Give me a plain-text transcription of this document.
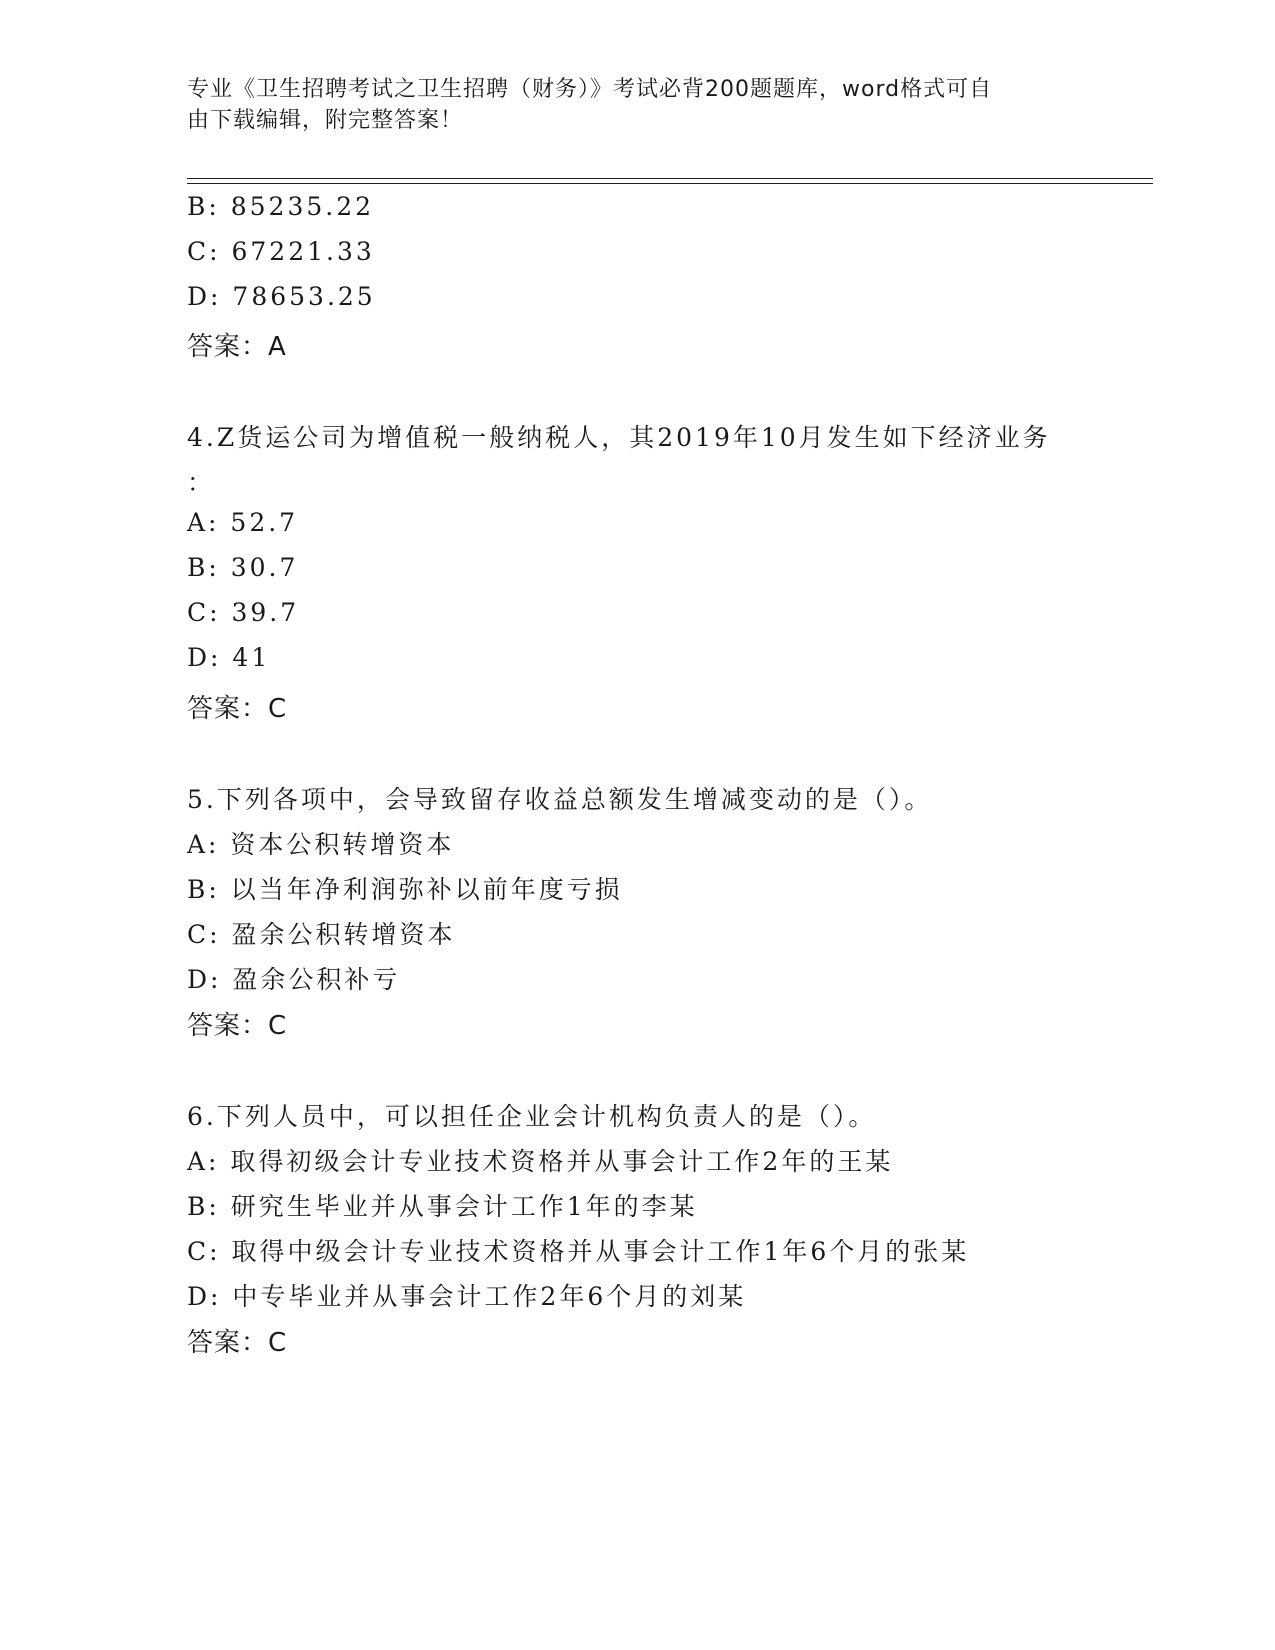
专业《卫生招聘考试之卫生招聘（财务）》考试必背200题题库，word格式可自
由下载编辑，附完整答案！
B: 85235.22
C: 67221.33
D: 78653.25
答案：A
4.Z货运公司为增值税一般纳税人，其2019年10月发生如下经济业务
：
A: 52.7
B: 30.7
C: 39.7
D: 41
答案：C
5.下列各项中，会导致留存收益总额发生增减变动的是（）。
A: 资本公积转增资本
B: 以当年净利润弥补以前年度亏损
C: 盈余公积转增资本
D: 盈余公积补亏
答案：C
6.下列人员中，可以担任企业会计机构负责人的是（）。
A: 取得初级会计专业技术资格并从事会计工作2年的王某
B: 研究生毕业并从事会计工作1年的李某
C: 取得中级会计专业技术资格并从事会计工作1年6个月的张某
D: 中专毕业并从事会计工作2年6个月的刘某
答案：C
